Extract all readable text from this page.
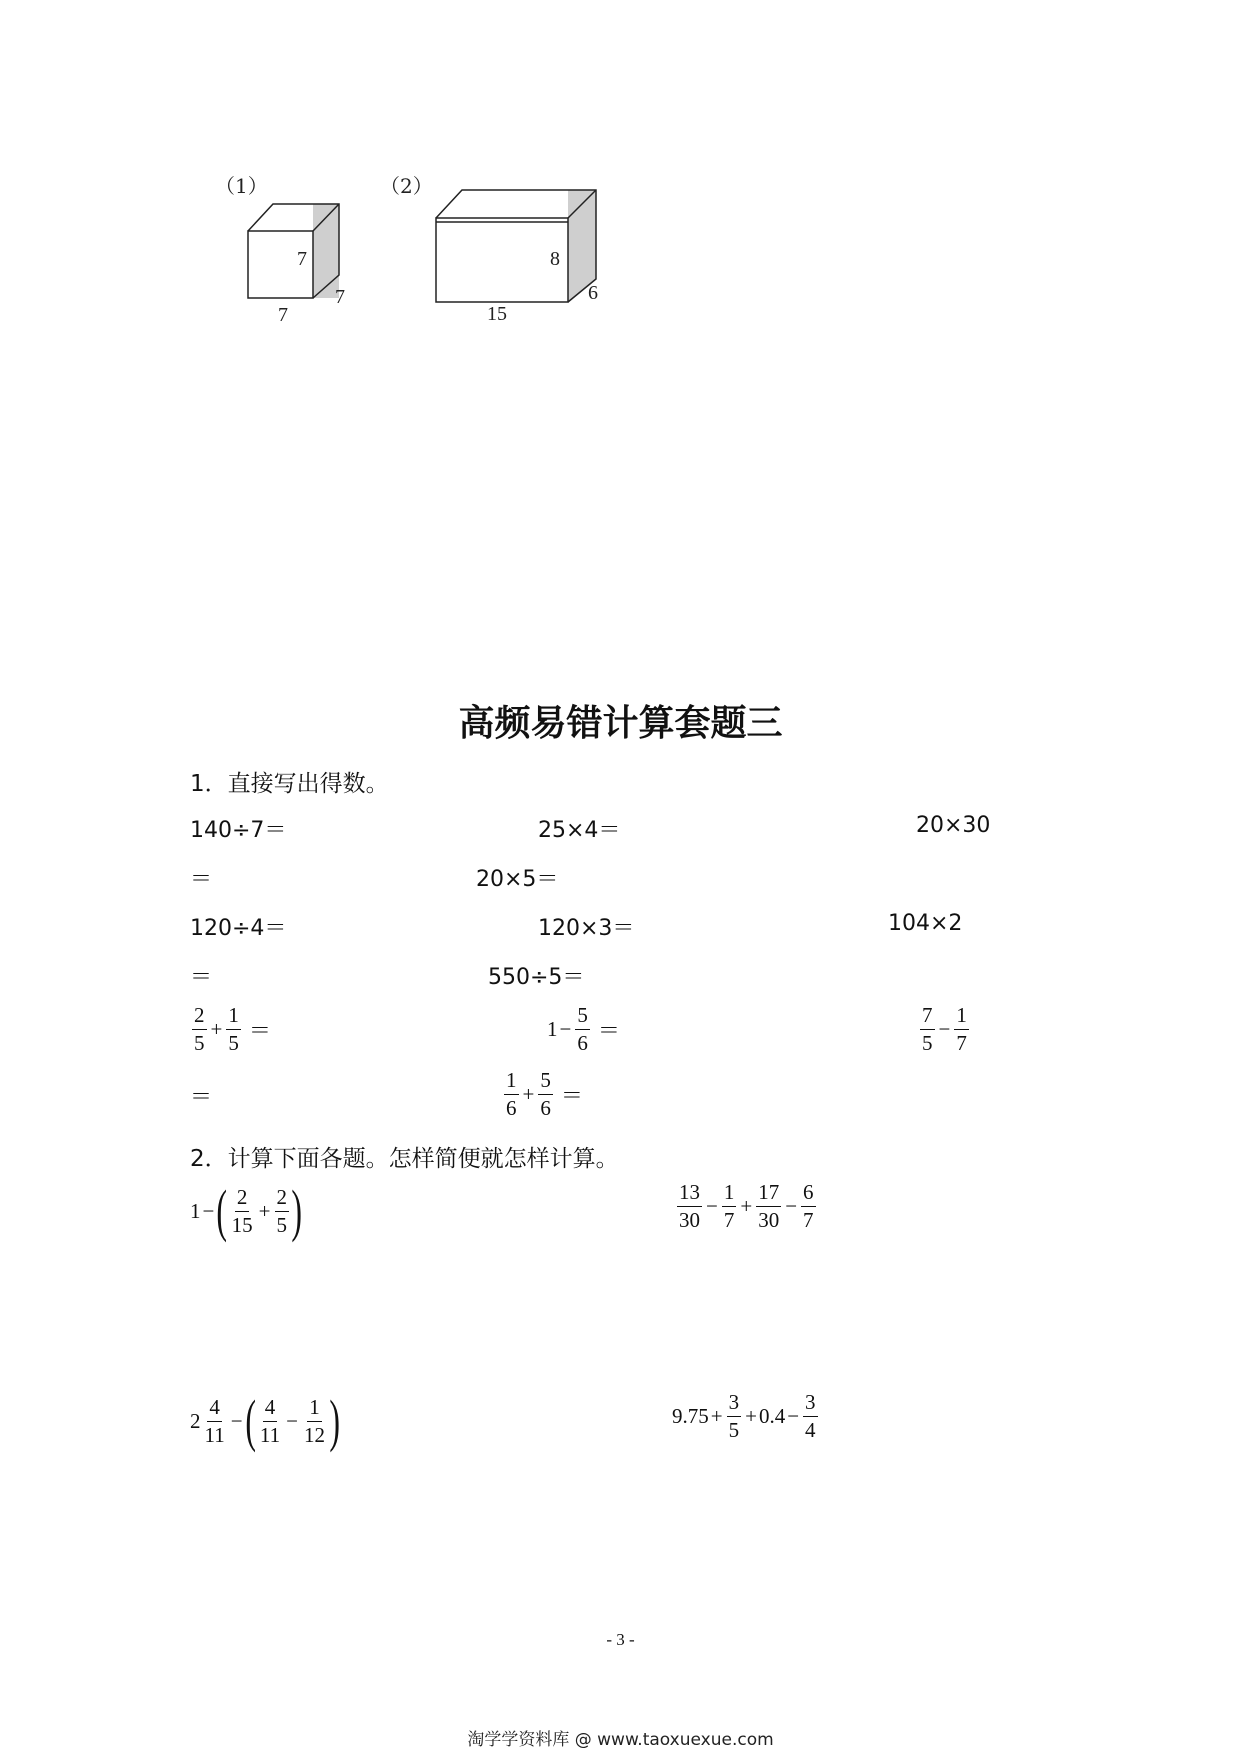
（1）	（2）
7
7
7
8
6
15
高频易错计算套题三
1．直接写出得数。
140÷7＝	25×4＝	20×30
＝	20×5＝
120÷4＝	120×3＝	104×2
＝	550÷5＝
$\frac{2}{5} + \frac{1}{5}$ ＝	$1 - \frac{5}{6}$ ＝	$\frac{7}{5} - \frac{1}{7}$
＝	$\frac{1}{6} + \frac{5}{6}$ ＝
2．计算下面各题。怎样简便就怎样计算。
1 − ( $\frac{2}{15} + \frac{2}{5}$ )	$\frac{13}{30} - \frac{1}{7} + \frac{17}{30} - \frac{6}{7}$
$2 \frac{4}{11}$ − ( $\frac{4}{11} - \frac{1}{12}$ )	$9.75 + \frac{3}{5} + 0.4 - \frac{3}{4}$
- 3 -
淘学学资料库 @ www.taoxuexue.com
